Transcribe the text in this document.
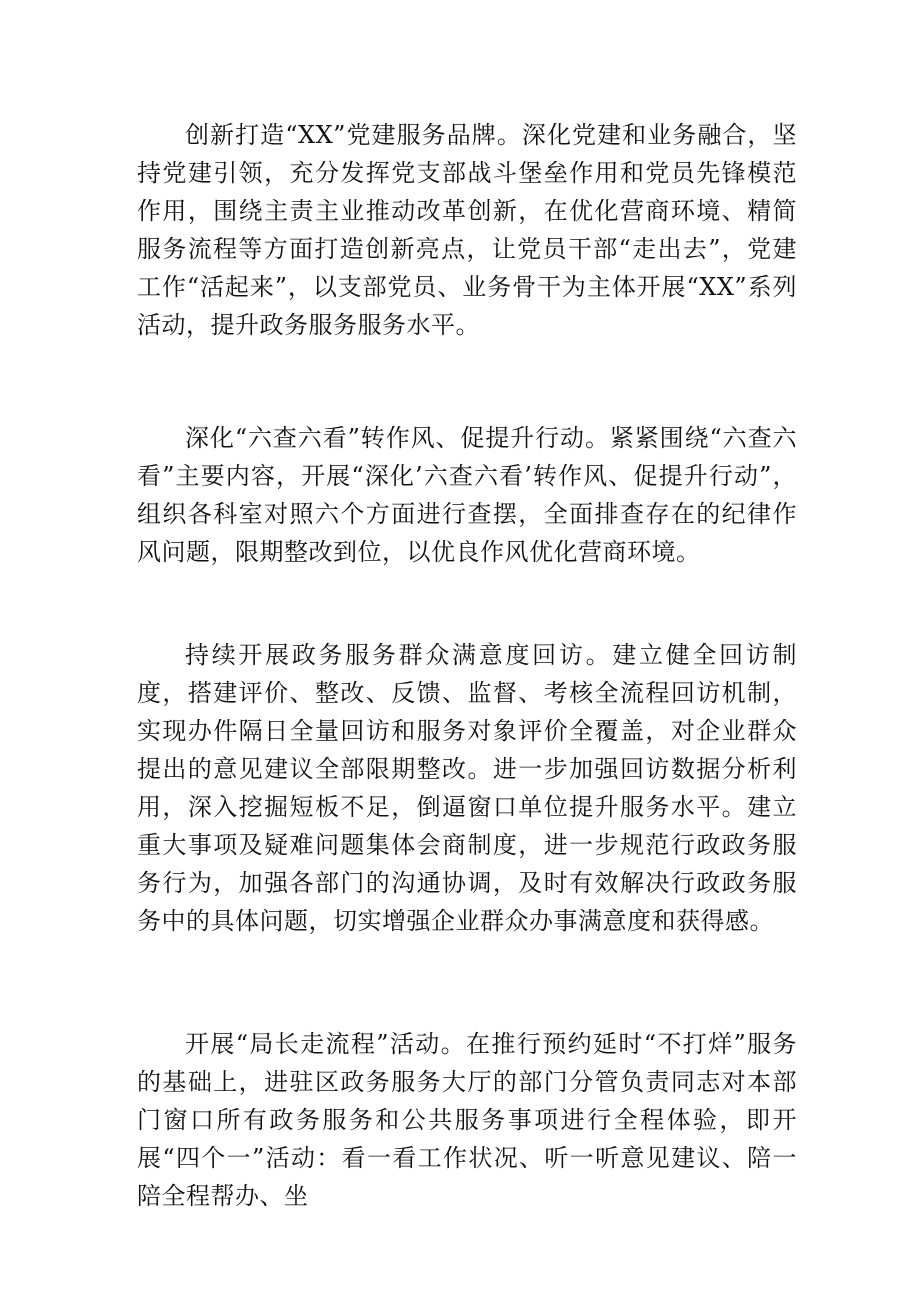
创新打造“XX”党建服务品牌。深化党建和业务融合，坚持党建引领，充分发挥党支部战斗堡垒作用和党员先锋模范作用，围绕主责主业推动改革创新，在优化营商环境、精简服务流程等方面打造创新亮点，让党员干部“走出去”，党建工作“活起来”，以支部党员、业务骨干为主体开展“XX”系列活动，提升政务服务服务水平。

深化“六查六看”转作风、促提升行动。紧紧围绕“六查六看”主要内容，开展“深化’六查六看’转作风、促提升行动”，组织各科室对照六个方面进行查摆，全面排查存在的纪律作风问题，限期整改到位，以优良作风优化营商环境。

持续开展政务服务群众满意度回访。建立健全回访制度，搭建评价、整改、反馈、监督、考核全流程回访机制，实现办件隔日全量回访和服务对象评价全覆盖，对企业群众提出的意见建议全部限期整改。进一步加强回访数据分析利用，深入挖掘短板不足，倒逼窗口单位提升服务水平。建立重大事项及疑难问题集体会商制度，进一步规范行政政务服务行为，加强各部门的沟通协调，及时有效解决行政政务服务中的具体问题，切实增强企业群众办事满意度和获得感。

开展“局长走流程”活动。在推行预约延时“不打烊”服务的基础上，进驻区政务服务大厅的部门分管负责同志对本部门窗口所有政务服务和公共服务事项进行全程体验，即开展“四个一”活动：看一看工作状况、听一听意见建议、陪一陪全程帮办、坐
